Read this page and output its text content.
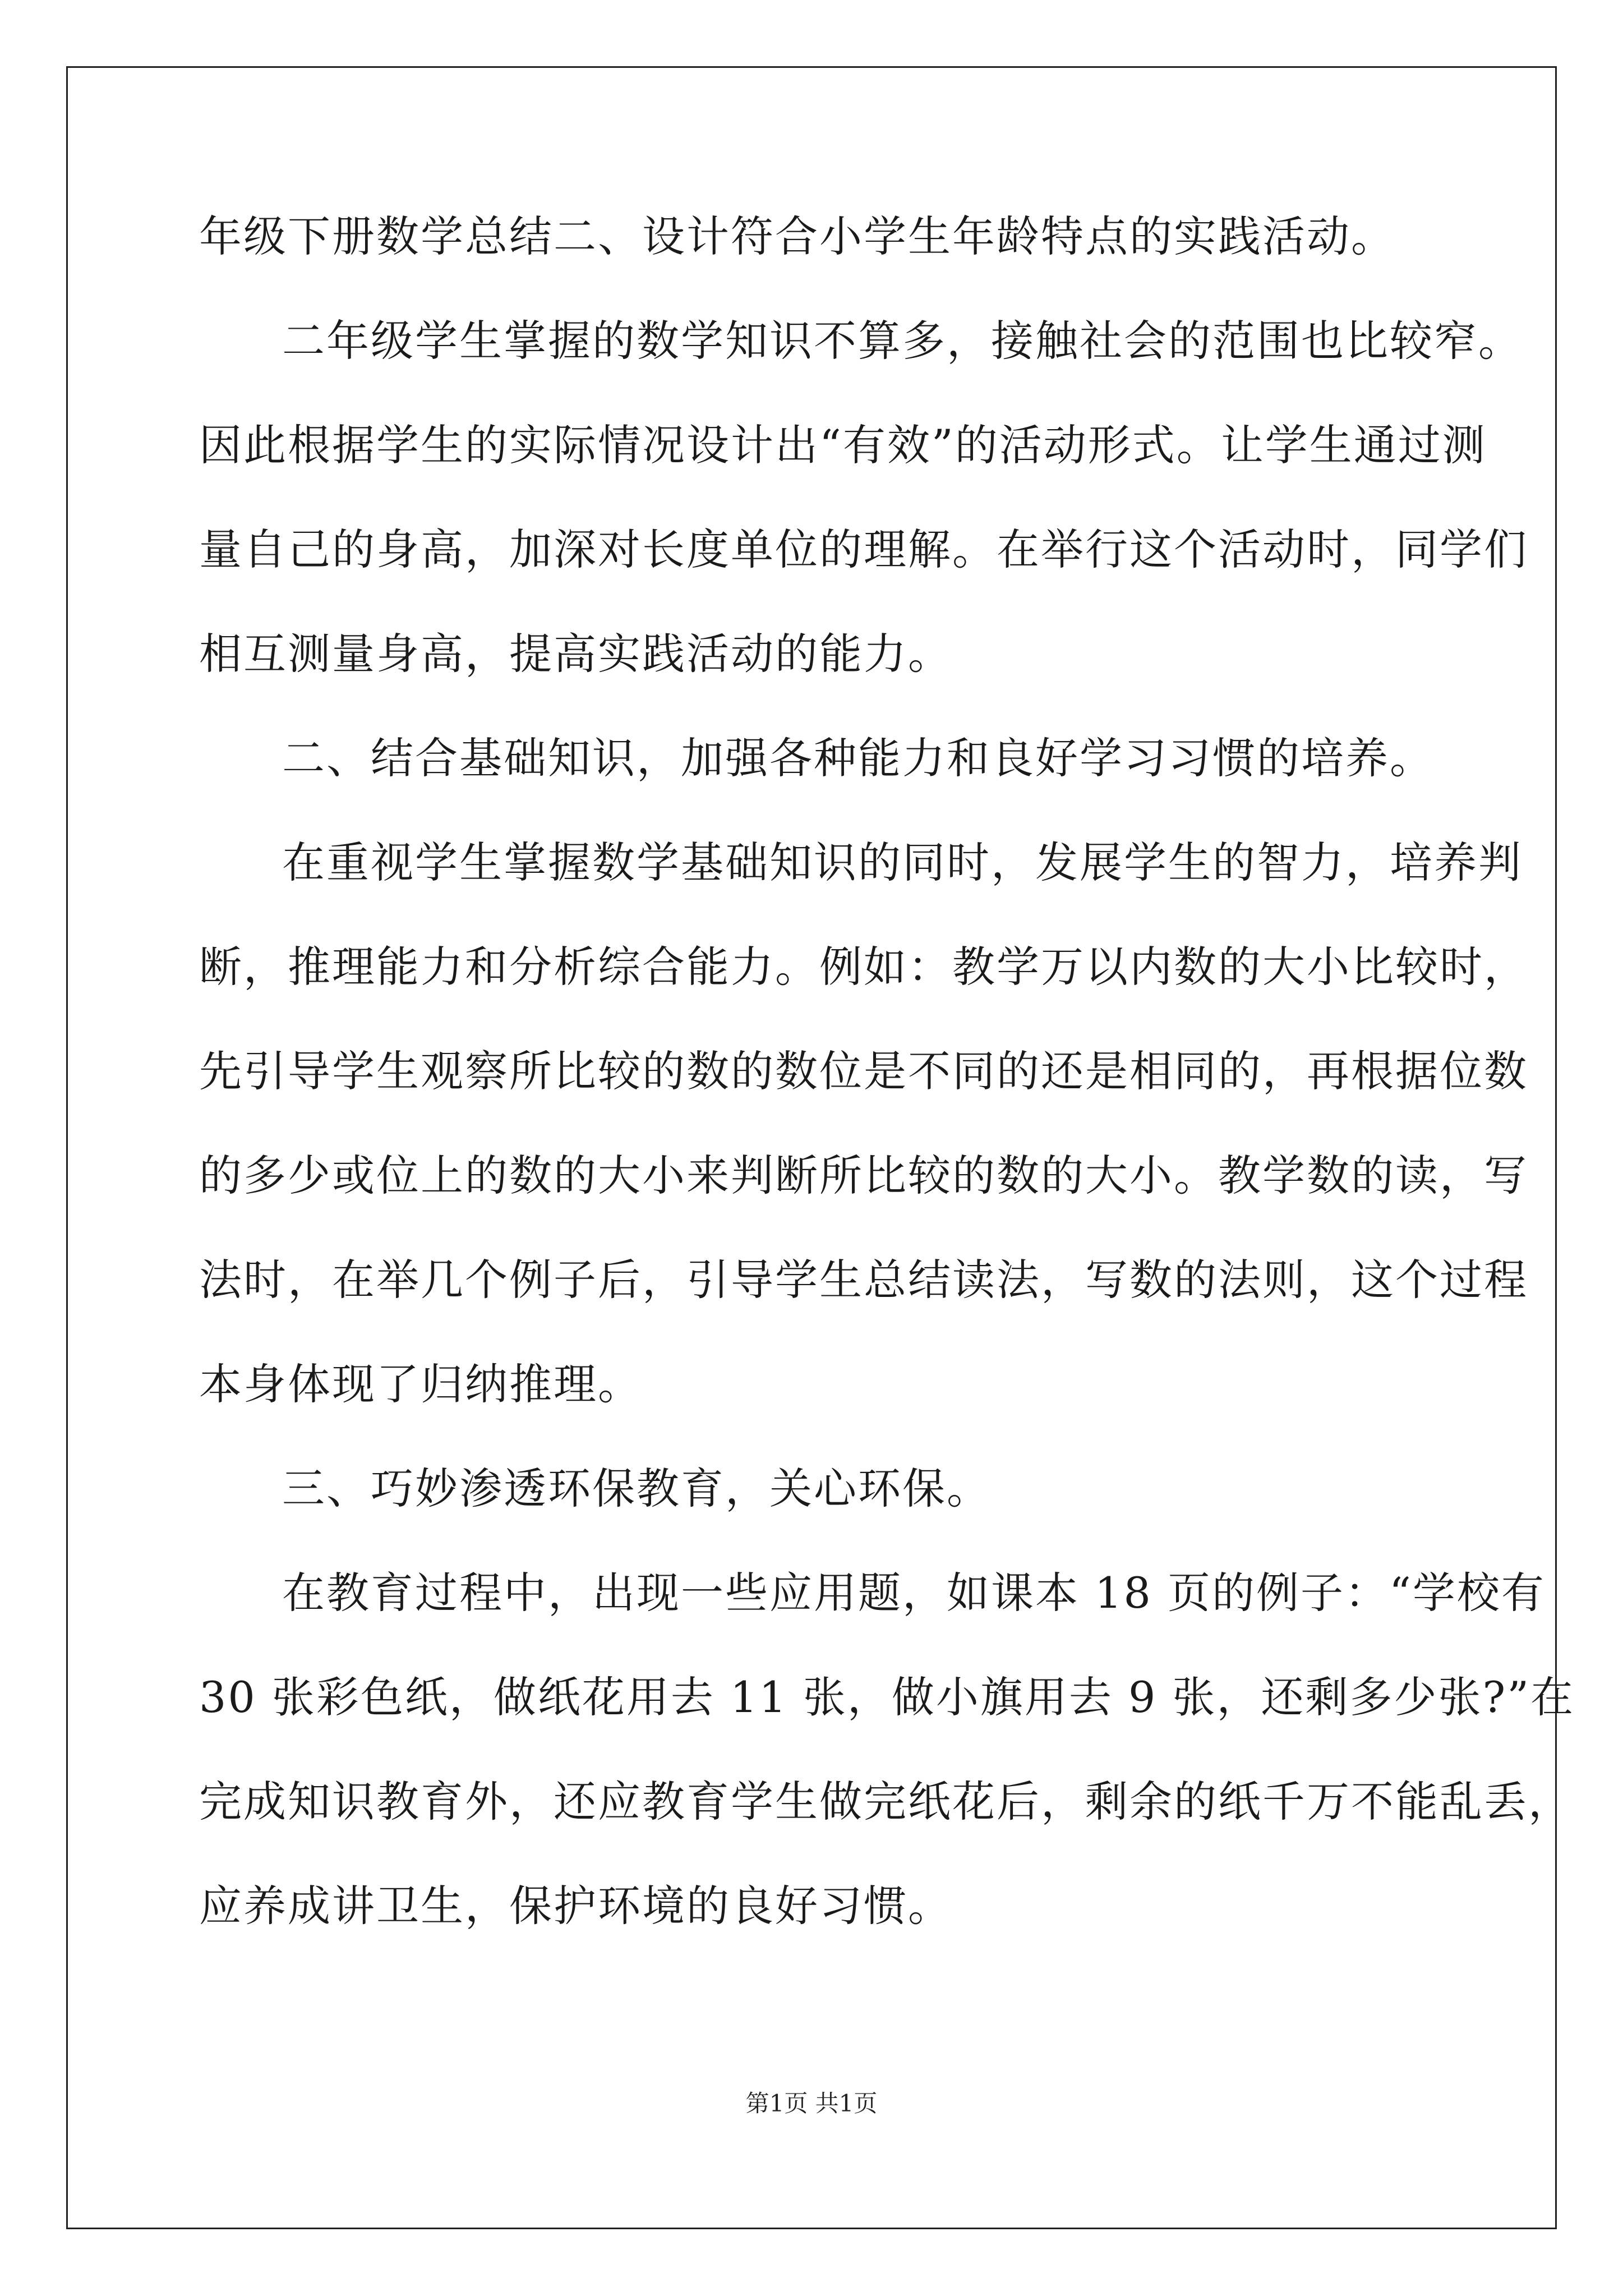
年级下册数学总结二、设计符合小学生年龄特点的实践活动。
二年级学生掌握的数学知识不算多，接触社会的范围也比较窄。
因此根据学生的实际情况设计出“有效”的活动形式。让学生通过测
量自己的身高，加深对长度单位的理解。在举行这个活动时，同学们
相互测量身高，提高实践活动的能力。
二、结合基础知识，加强各种能力和良好学习习惯的培养。
在重视学生掌握数学基础知识的同时，发展学生的智力，培养判
断，推理能力和分析综合能力。例如：教学万以内数的大小比较时，
先引导学生观察所比较的数的数位是不同的还是相同的，再根据位数
的多少或位上的数的大小来判断所比较的数的大小。教学数的读，写
法时，在举几个例子后，引导学生总结读法，写数的法则，这个过程
本身体现了归纳推理。
三、巧妙渗透环保教育，关心环保。
在教育过程中，出现一些应用题，如课本 18 页的例子：“学校有
30 张彩色纸，做纸花用去 11 张，做小旗用去 9 张，还剩多少张?”在
完成知识教育外，还应教育学生做完纸花后，剩余的纸千万不能乱丢，
应养成讲卫生，保护环境的良好习惯。
第1页 共1页
